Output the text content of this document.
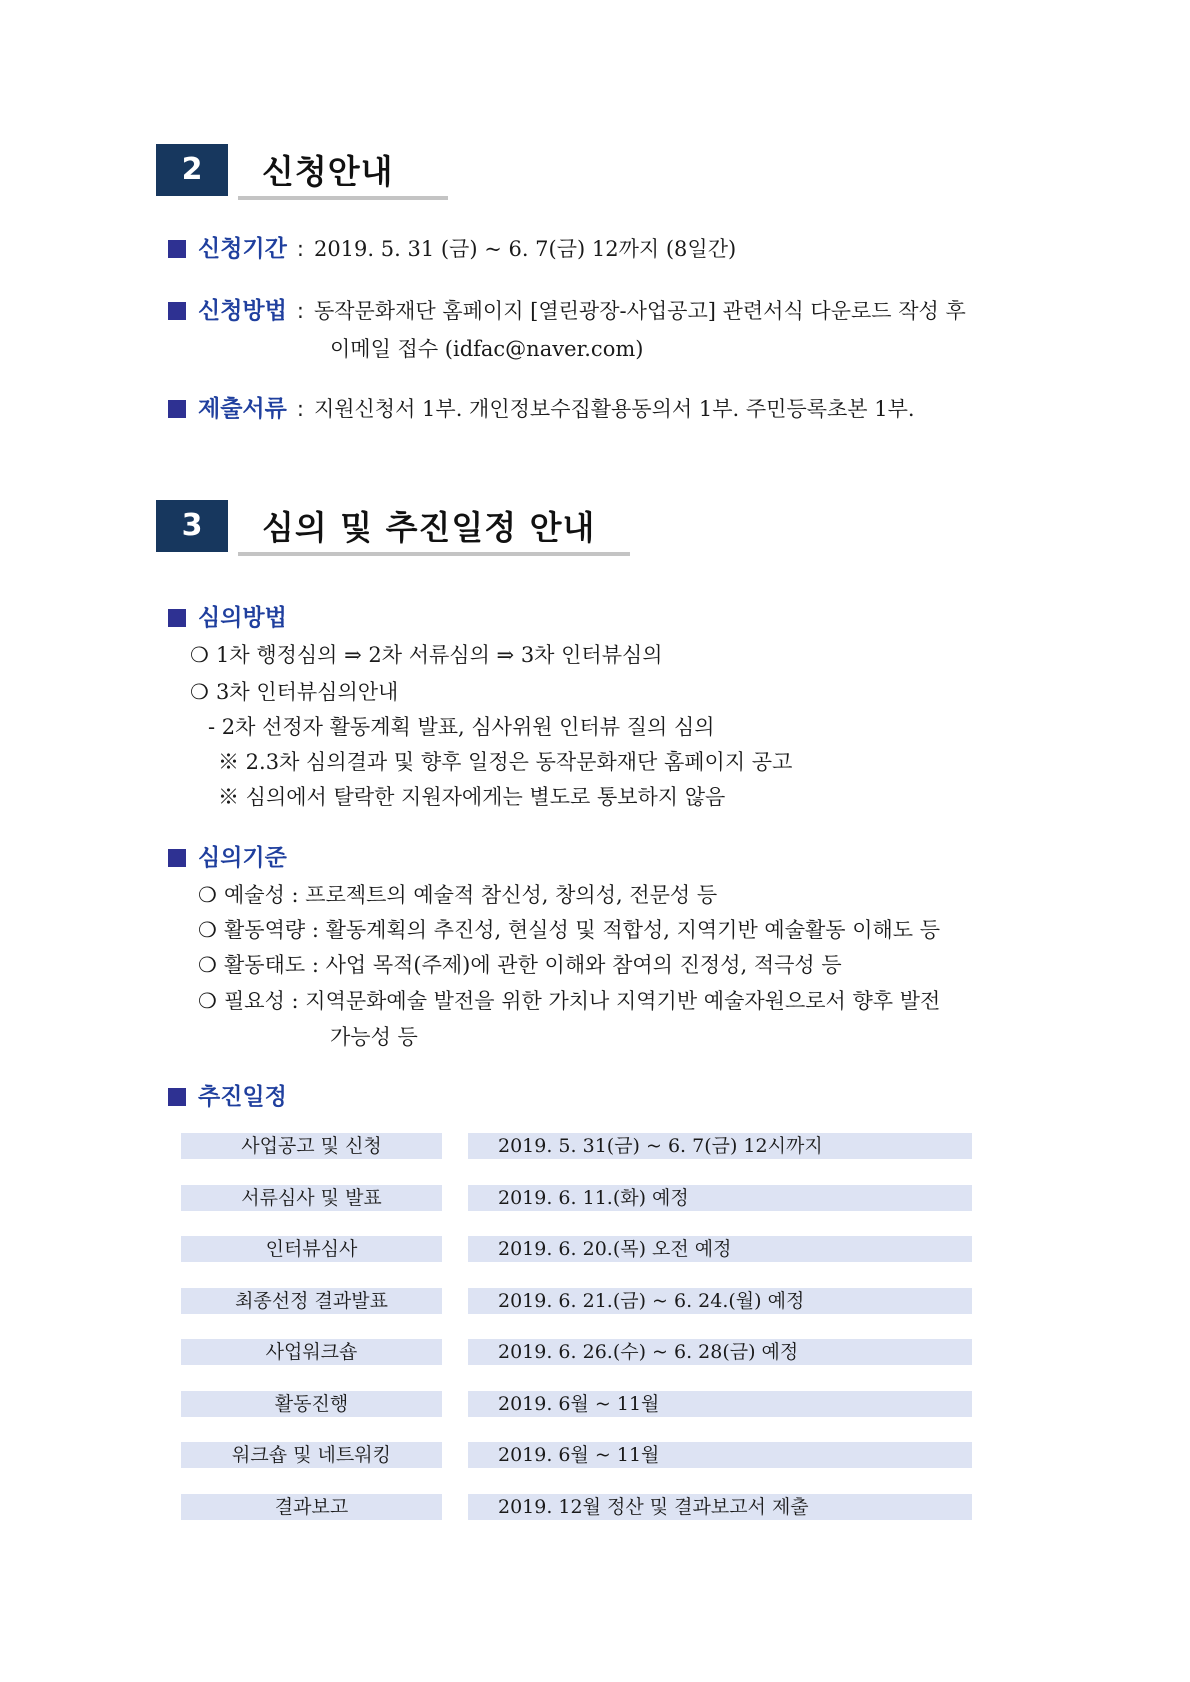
2	신청안내
신청기간 : 2019. 5. 31 (금) ~ 6. 7(금) 12까지 (8일간)
신청방법 : 동작문화재단 홈페이지 [열린광장-사업공고] 관련서식 다운로드 작성 후
이메일 접수 (idfac@naver.com)
제출서류 : 지원신청서 1부. 개인정보수집활용동의서 1부. 주민등록초본 1부.
3	심의 및 추진일정 안내
심의방법
❍ 1차 행정심의 ⇒ 2차 서류심의 ⇒ 3차 인터뷰심의
❍ 3차 인터뷰심의안내
- 2차 선정자 활동계획 발표, 심사위원 인터뷰 질의 심의
※ 2.3차 심의결과 및 향후 일정은 동작문화재단 홈페이지 공고
※ 심의에서 탈락한 지원자에게는 별도로 통보하지 않음
심의기준
❍ 예술성 : 프로젝트의 예술적 참신성, 창의성, 전문성 등
❍ 활동역량 : 활동계획의 추진성, 현실성 및 적합성, 지역기반 예술활동 이해도 등
❍ 활동태도 : 사업 목적(주제)에 관한 이해와 참여의 진정성, 적극성 등
❍ 필요성 : 지역문화예술 발전을 위한 가치나 지역기반 예술자원으로서 향후 발전
가능성 등
추진일정
사업공고 및 신청	2019. 5. 31(금) ~ 6. 7(금) 12시까지
서류심사 및 발표	2019. 6. 11.(화) 예정
인터뷰심사	2019. 6. 20.(목) 오전 예정
최종선정 결과발표	2019. 6. 21.(금) ~ 6. 24.(월) 예정
사업워크숍	2019. 6. 26.(수) ~ 6. 28(금) 예정
활동진행	2019. 6월 ~ 11월
워크숍 및 네트워킹	2019. 6월 ~ 11월
결과보고	2019. 12월 정산 및 결과보고서 제출
